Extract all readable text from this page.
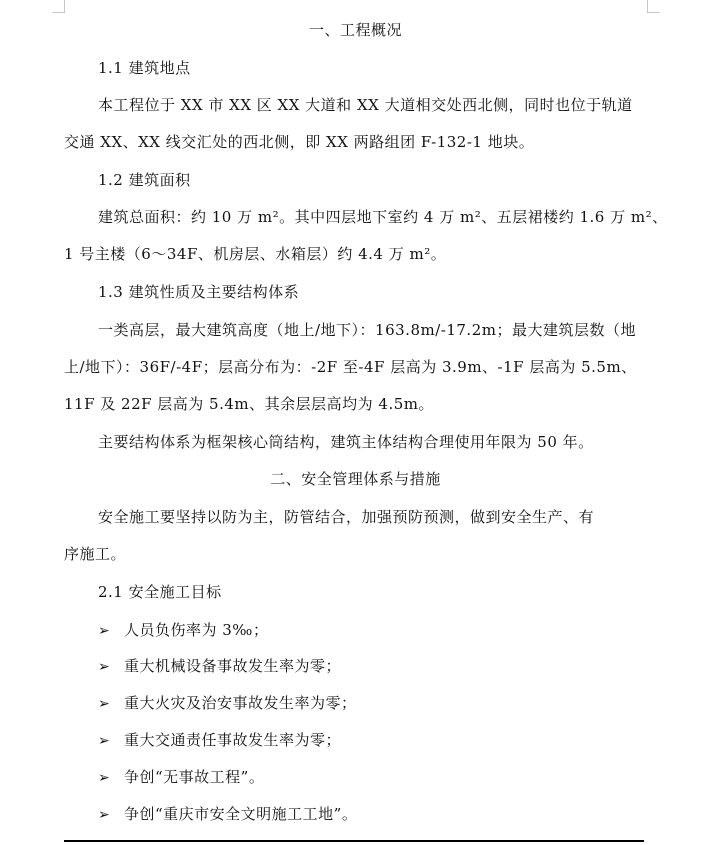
一、工程概况
1.1 建筑地点
本工程位于 XX 市 XX 区 XX 大道和 XX 大道相交处西北侧，同时也位于轨道
交通 XX、XX 线交汇处的西北侧，即 XX 两路组团 F-132-1 地块。
1.2 建筑面积
建筑总面积：约 10 万 m²。其中四层地下室约 4 万 m²、五层裙楼约 1.6 万 m²、
1 号主楼（6～34F、机房层、水箱层）约 4.4 万 m²。
1.3 建筑性质及主要结构体系
一类高层，最大建筑高度（地上/地下）：163.8m/-17.2m；最大建筑层数（地
上/地下）：36F/-4F；层高分布为：-2F 至-4F 层高为 3.9m、-1F 层高为 5.5m、
11F 及 22F 层高为 5.4m、其余层层高均为 4.5m。
主要结构体系为框架核心筒结构，建筑主体结构合理使用年限为 50 年。
二、安全管理体系与措施
安全施工要坚持以防为主，防管结合，加强预防预测，做到安全生产、有
序施工。
2.1 安全施工目标
➢ 人员负伤率为 3‰；
➢ 重大机械设备事故发生率为零；
➢ 重大火灾及治安事故发生率为零；
➢ 重大交通责任事故发生率为零；
➢ 争创“无事故工程”。
➢ 争创“重庆市安全文明施工工地”。
